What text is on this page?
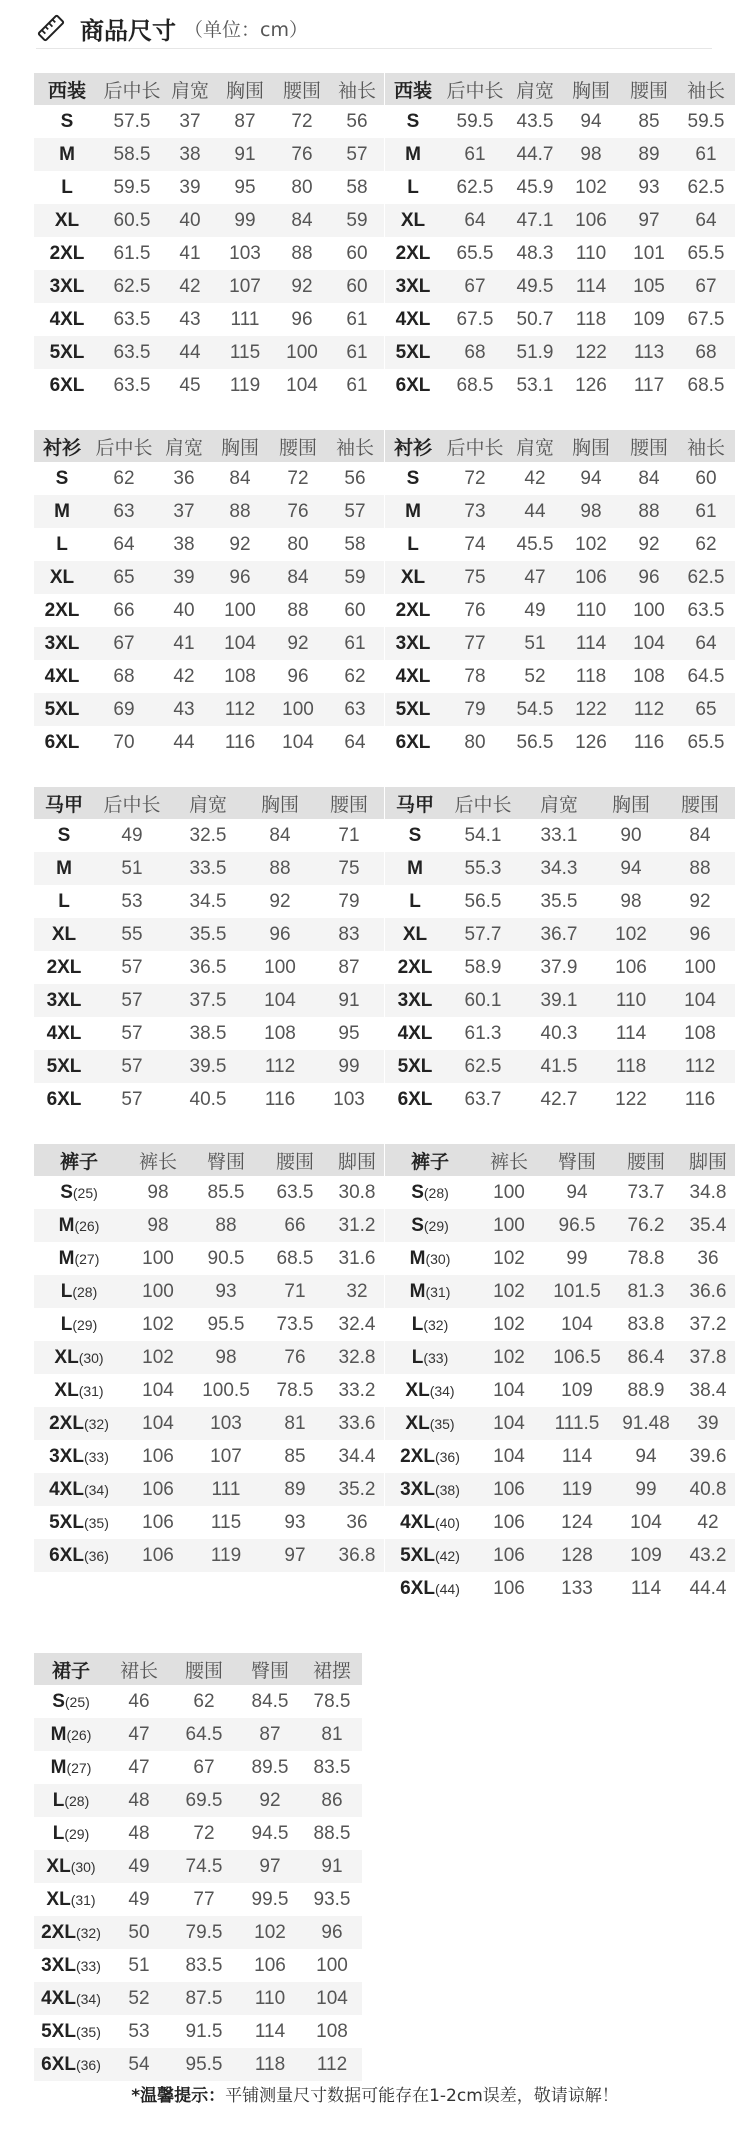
商品尺寸 （单位：cm）
西装	后中长	肩宽	胸围	腰围	袖长
S	57.5	37	87	72	56
M	58.5	38	91	76	57
L	59.5	39	95	80	58
XL	60.5	40	99	84	59
2XL	61.5	41	103	88	60
3XL	62.5	42	107	92	60
4XL	63.5	43	111	96	61
5XL	63.5	44	115	100	61
6XL	63.5	45	119	104	61
西装	后中长	肩宽	胸围	腰围	袖长
S	59.5	43.5	94	85	59.5
M	61	44.7	98	89	61
L	62.5	45.9	102	93	62.5
XL	64	47.1	106	97	64
2XL	65.5	48.3	110	101	65.5
3XL	67	49.5	114	105	67
4XL	67.5	50.7	118	109	67.5
5XL	68	51.9	122	113	68
6XL	68.5	53.1	126	117	68.5
衬衫	后中长	肩宽	胸围	腰围	袖长
S	62	36	84	72	56
M	63	37	88	76	57
L	64	38	92	80	58
XL	65	39	96	84	59
2XL	66	40	100	88	60
3XL	67	41	104	92	61
4XL	68	42	108	96	62
5XL	69	43	112	100	63
6XL	70	44	116	104	64
衬衫	后中长	肩宽	胸围	腰围	袖长
S	72	42	94	84	60
M	73	44	98	88	61
L	74	45.5	102	92	62
XL	75	47	106	96	62.5
2XL	76	49	110	100	63.5
3XL	77	51	114	104	64
4XL	78	52	118	108	64.5
5XL	79	54.5	122	112	65
6XL	80	56.5	126	116	65.5
马甲	后中长	肩宽	胸围	腰围
S	49	32.5	84	71
M	51	33.5	88	75
L	53	34.5	92	79
XL	55	35.5	96	83
2XL	57	36.5	100	87
3XL	57	37.5	104	91
4XL	57	38.5	108	95
5XL	57	39.5	112	99
6XL	57	40.5	116	103
马甲	后中长	肩宽	胸围	腰围
S	54.1	33.1	90	84
M	55.3	34.3	94	88
L	56.5	35.5	98	92
XL	57.7	36.7	102	96
2XL	58.9	37.9	106	100
3XL	60.1	39.1	110	104
4XL	61.3	40.3	114	108
5XL	62.5	41.5	118	112
6XL	63.7	42.7	122	116
裤子	裤长	臀围	腰围	脚围
S(25)	98	85.5	63.5	30.8
M(26)	98	88	66	31.2
M(27)	100	90.5	68.5	31.6
L(28)	100	93	71	32
L(29)	102	95.5	73.5	32.4
XL(30)	102	98	76	32.8
XL(31)	104	100.5	78.5	33.2
2XL(32)	104	103	81	33.6
3XL(33)	106	107	85	34.4
4XL(34)	106	111	89	35.2
5XL(35)	106	115	93	36
6XL(36)	106	119	97	36.8
裤子	裤长	臀围	腰围	脚围
S(28)	100	94	73.7	34.8
S(29)	100	96.5	76.2	35.4
M(30)	102	99	78.8	36
M(31)	102	101.5	81.3	36.6
L(32)	102	104	83.8	37.2
L(33)	102	106.5	86.4	37.8
XL(34)	104	109	88.9	38.4
XL(35)	104	111.5	91.48	39
2XL(36)	104	114	94	39.6
3XL(38)	106	119	99	40.8
4XL(40)	106	124	104	42
5XL(42)	106	128	109	43.2
6XL(44)	106	133	114	44.4
裙子	裙长	腰围	臀围	裙摆
S(25)	46	62	84.5	78.5
M(26)	47	64.5	87	81
M(27)	47	67	89.5	83.5
L(28)	48	69.5	92	86
L(29)	48	72	94.5	88.5
XL(30)	49	74.5	97	91
XL(31)	49	77	99.5	93.5
2XL(32)	50	79.5	102	96
3XL(33)	51	83.5	106	100
4XL(34)	52	87.5	110	104
5XL(35)	53	91.5	114	108
6XL(36)	54	95.5	118	112
*温馨提示：平铺测量尺寸数据可能存在1-2cm误差，敬请谅解！
